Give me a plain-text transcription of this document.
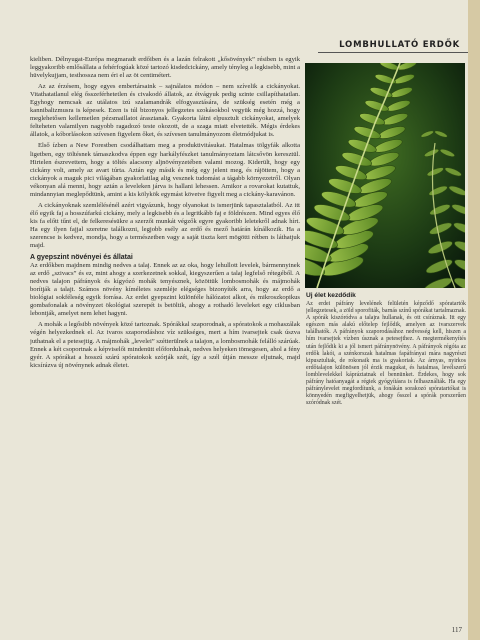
LOMBHULLATÓ ERDŐK

kieliben. Délnyugat-Európa megmaradt erdőiben és a lazán felrakott „kősövények” résiben is egyik leggyakoribb emlősállata a fehérfogúak közé tartozó kisdedcickány, amely tényleg a legkisebb, mint a hüvelykujjam, testhossza nem éri el az öt centimétert.

Az az érzésem, hogy egyes embertársaink – sajnálatos módon – nem szívelik a cickányokat. Vitathatatlanul elég ősszeférhetetlen és civakodó állatok, az étvágyuk pedig szinte csillapíthatatlan. Egyhogy nemcsak az utálatos izú szalamandrák elfogyasztására, de szükség esetén még a kannibalizmusra is képesek. Ezen is túl bizonyos jellegzetes szokásokbol vegyük még hozzá, hogy meglehetősen kellemetlen pézsmaillatot árasztanak. Gyakorta látni elpusztult cickányokat, amelyek felteheten valamilyen nagyobb ragadozó teste okozott, de a szaga miatt elvetették. Mégis érdekes állatok, a kóborlásokon szívesen figyelem őket, és szívesen tanulmányozom életmódjukat is.

Első ízben a New Forestben csodálhattam meg a produktivitásukat. Hatalmas tölgyfák alkotta ligetben, egy töltésnek támaszkodva éppen egy harkályfészket tanulmányoztam látcsővön keresztül. Hirtelen észrevettem, hogy a töltés alacsony aljnövényzetében valami mozog. Kiderült, hogy egy cickány volt, amely az avart túrta. Aztán egy másik és még egy jelent meg, és rájöttem, hogy a cickányok a maguk pici világában gyakorlatilag alig vesznek tudomást a tágabb környezetről. Olyan vékonyan alá menni, hogy aztán a leveleken járva is hallani lehessen. Amikor a rovarokat kutattuk, mindannyian meglepődtünk, amint a kis kölykök egymást követve figyelt meg a cickány-karavánon.

A cickányoknak szemlélésénél azért vigyázunk, hogy olyanokat is ismerjünk tapasztalatból. Az itt élő egyik faj a hosszúfarkú cickány, mely a legkisebb és a legritkább faj e földrészen. Mind egyes élő kis fa előtt tűnt el, de felkeresésükre a szerzői munkát végzők egyre gyakoribb leletekről adnak hírt. Ha egy ilyen fajjal szeretne találkozni, legjobb esély az erdő és mező határán kínálkozik. Ha a szerencse is kedvez, mondja, hogy a természetben vagy a saját tiszta kert mögötti rétben is láthatjuk majd.

A gyepszint növényei és állatai

Az erdőkben majdnem mindig nedves a talaj. Ennek az az oka, hogy lehullott levelek, bármennyinek az erdő „szivacs” és ez, mint ahogy a szerkezetnek sokkal, kiegyszerűen a talaj legfelső rétegéből. A nedves talajon páfrányok és kígyózó mohák tenyésznek, közöttük lombosmohák és májmohák borítják a talajt. Számos növény kíméletes szemléje elégséges bizonyíték arra, hogy az erdő a biológiai sokféleség egyik forrása. Az erdei gyepszint különféle hálózatot alkot, és mikroszkopikus gombafonalak a növényzet ökológiai szerepét is betöltik, ahogy a rothadó leveleket egy ciklusban lebontják, amelyet nem lehet hagyni.

A mohák a legősibb növények közé tartoznak. Spórákkal szaporodnak, a spóratokok a mohaszálak végén helyezkednek el. Az ivaros szaporodáshoz víz szükséges, mert a hím ivarsejtek csak úszva juthatnak el a petesejtig. A májmohák „levelei” szétterülnek a talajon, a lombosmohák felálló szárúak. Ennek a két csoportnak a képviselői mindenütt előfordulnak, nedves helyeken tömegesen, ahol a fény gyér. A spórákat a hosszú szárú spóratokok szórják szét, így a szél útján messze eljutnak, majd kicsírázva új növénynek adnak életet.

Új élet kezdődik

Az erdei páfrány levelének felületén képződő spóratartók jellegzetesek, a zöld sporofiták, barnás színű spórákat tartalmaznak. A spórák kiszóródva a talajra hullanak, és ott csíráznak. Itt egy egészen más alakú előtelep fejlődik, amelyen az ivarszervek találhatók. A páfrányok szaporodásához nedvesség kell, hiszen a hím ivarsejtek vízben úsznak a petesejthez. A megtermékenyítés után fejlődik ki a jól ismert páfránynövény. A páfrányok régóta az erdők lakói, a szénkorszak hatalmas fapáfrányai mára nagyrészt kipusztultak, de rokonaik ma is gyakoriak. Az árnyas, nyirkos erdőtalajon különösen jól érzik magukat, és hatalmas, levélszerű lomblevelekkel kápráztatnak el bennünket. Érdekes, hogy sok páfrány hatóanyagát a régiek gyógyításra is felhasználták. Ha egy páfránylevelet megfordítunk, a fonákán sorakozó spóratartókat is könnyedén megfigyelhetjük, ahogy ősszel a spórák porszerűen szóródnak szét.

117
